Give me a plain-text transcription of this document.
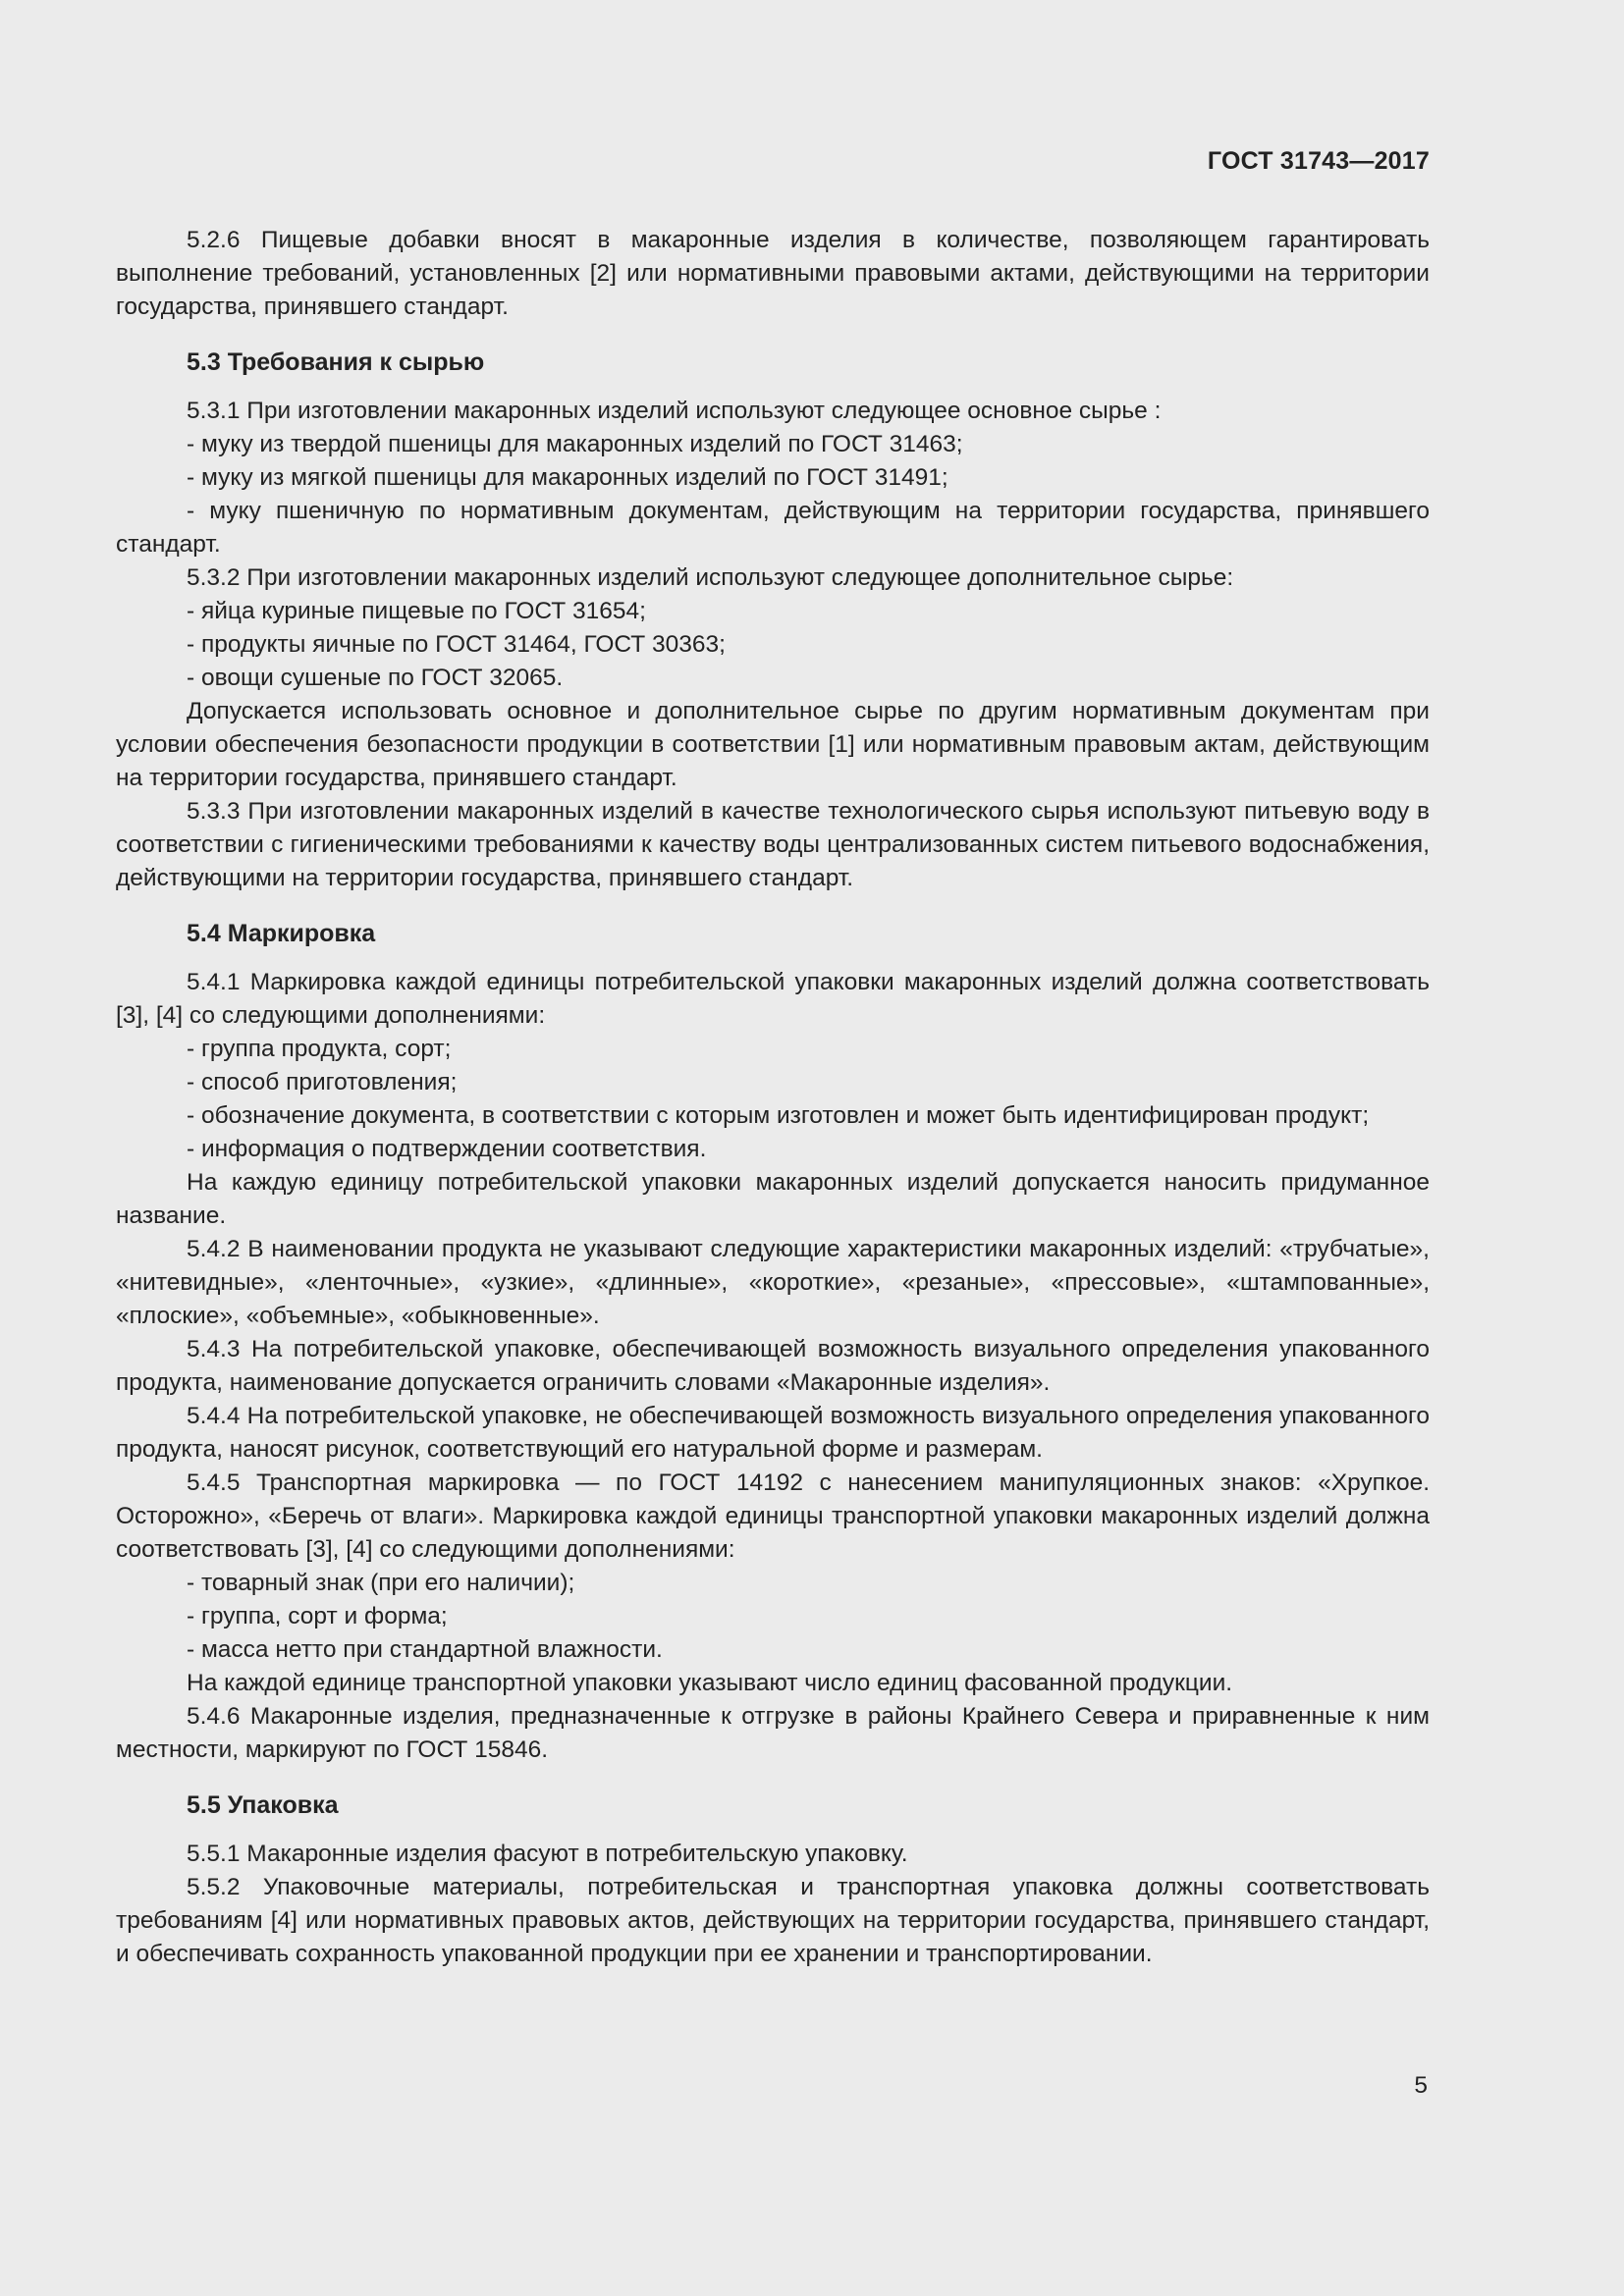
ГОСТ 31743—2017

5.2.6 Пищевые добавки вносят в макаронные изделия в количестве, позволяющем гарантировать выполнение требований, установленных [2] или нормативными правовыми актами, действующими на территории государства, принявшего стандарт.

5.3 Требования к сырью

5.3.1 При изготовлении макаронных изделий используют следующее основное сырье :

- муку из твердой пшеницы для макаронных изделий по ГОСТ 31463;

- муку из мягкой пшеницы для макаронных изделий по ГОСТ 31491;

- муку пшеничную по нормативным документам, действующим на территории государства, принявшего стандарт.

5.3.2 При изготовлении макаронных изделий используют следующее дополнительное сырье:

- яйца куриные пищевые по ГОСТ 31654;

- продукты яичные по ГОСТ 31464, ГОСТ 30363;

- овощи сушеные по ГОСТ 32065.

Допускается использовать основное и дополнительное сырье по другим нормативным документам при условии обеспечения безопасности продукции в соответствии [1] или нормативным правовым актам, действующим на территории государства, принявшего стандарт.

5.3.3 При изготовлении макаронных изделий в качестве технологического сырья используют питьевую воду в соответствии с гигиеническими требованиями к качеству воды централизованных систем питьевого водоснабжения, действующими на территории государства, принявшего стандарт.

5.4 Маркировка

5.4.1 Маркировка каждой единицы потребительской упаковки макаронных изделий должна соответствовать [3], [4] со следующими дополнениями:

- группа продукта, сорт;

- способ приготовления;

- обозначение документа, в соответствии с которым изготовлен и может быть идентифицирован продукт;

- информация о подтверждении соответствия.

На каждую единицу потребительской упаковки макаронных изделий допускается наносить придуманное название.

5.4.2 В наименовании продукта не указывают следующие характеристики макаронных изделий: «трубчатые», «нитевидные», «ленточные», «узкие», «длинные», «короткие», «резаные», «прессовые», «штампованные», «плоские», «объемные», «обыкновенные».

5.4.3 На потребительской упаковке, обеспечивающей возможность визуального определения упакованного продукта, наименование допускается ограничить словами «Макаронные изделия».

5.4.4 На потребительской упаковке, не обеспечивающей возможность визуального определения упакованного продукта, наносят рисунок, соответствующий его натуральной форме и размерам.

5.4.5 Транспортная маркировка — по ГОСТ 14192 с нанесением манипуляционных знаков: «Хрупкое. Осторожно», «Беречь от влаги». Маркировка каждой единицы транспортной упаковки макаронных изделий должна соответствовать [3], [4] со следующими дополнениями:

- товарный знак (при его наличии);

- группа, сорт и форма;

- масса нетто при стандартной влажности.

На каждой единице транспортной упаковки указывают число единиц фасованной продукции.

5.4.6 Макаронные изделия, предназначенные к отгрузке в районы Крайнего Севера и приравненные к ним местности, маркируют по ГОСТ 15846.

5.5 Упаковка

5.5.1 Макаронные изделия фасуют в потребительскую упаковку.

5.5.2 Упаковочные материалы, потребительская и транспортная упаковка должны соответствовать требованиям [4] или нормативных правовых актов, действующих на территории государства, принявшего стандарт, и обеспечивать сохранность упакованной продукции при ее хранении и транспортировании.

5
